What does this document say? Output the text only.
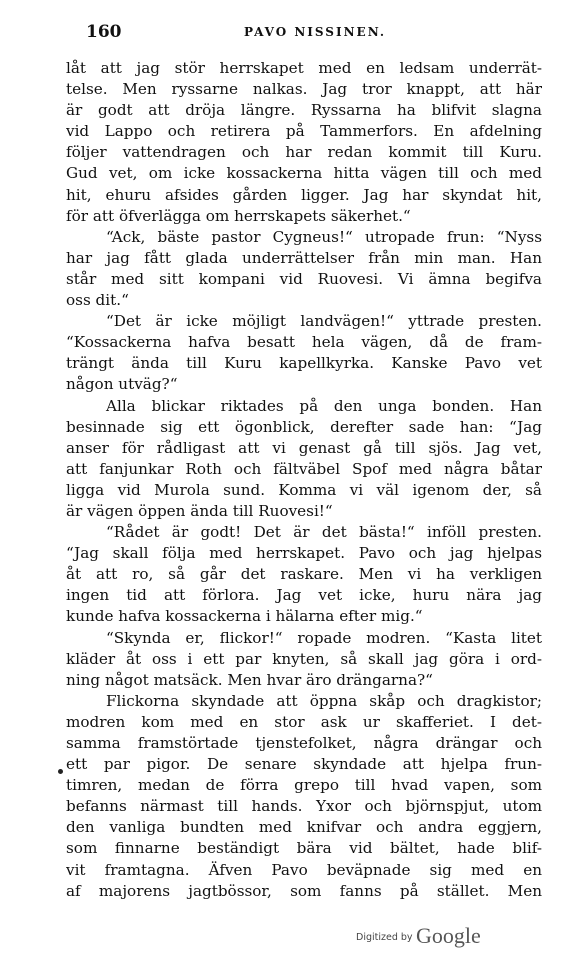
160	PAVO NISSINEN.
låt att jag stör herrskapet med en ledsam underrät-
telse. Men ryssarne nalkas. Jag tror knappt, att här
är godt att dröja längre. Ryssarna ha blifvit slagna
vid Lappo och retirera på Tammerfors. En afdelning
följer vattendragen och har redan kommit till Kuru.
Gud vet, om icke kossackerna hitta vägen till och med
hit, ehuru afsides gården ligger. Jag har skyndat hit,
för att öfverlägga om herrskapets säkerhet.“
“Ack, bäste pastor Cygneus!“ utropade frun: “Nyss
har jag fått glada underrättelser från min man. Han
står med sitt kompani vid Ruovesi. Vi ämna begifva
oss dit.“
“Det är icke möjligt landvägen!“ yttrade presten.
“Kossackerna hafva besatt hela vägen, då de fram-
trängt ända till Kuru kapellkyrka. Kanske Pavo vet
någon utväg?“
Alla blickar riktades på den unga bonden. Han
besinnade sig ett ögonblick, derefter sade han: “Jag
anser för rådligast att vi genast gå till sjös. Jag vet,
att fanjunkar Roth och fältväbel Spof med några båtar
ligga vid Murola sund. Komma vi väl igenom der, så
är vägen öppen ända till Ruovesi!“
“Rådet är godt! Det är det bästa!“ inföll presten.
“Jag skall följa med herrskapet. Pavo och jag hjelpas
åt att ro, så går det raskare. Men vi ha verkligen
ingen tid att förlora. Jag vet icke, huru nära jag
kunde hafva kossackerna i hälarna efter mig.“
“Skynda er, flickor!“ ropade modren. “Kasta litet
kläder åt oss i ett par knyten, så skall jag göra i ord-
ning något matsäck. Men hvar äro drängarna?“
Flickorna skyndade att öppna skåp och dragkistor;
modren kom med en stor ask ur skafferiet. I det-
samma framstörtade tjenstefolket, några drängar och
ett par pigor. De senare skyndade att hjelpa frun-
timren, medan de förra grepo till hvad vapen, som
befanns närmast till hands. Yxor och björnspjut, utom
den vanliga bundten med knifvar och andra eggjern,
som finnarne beständigt bära vid bältet, hade blif-
vit framtagna. Äfven Pavo beväpnade sig med en
af majorens jagtbössor, som fanns på stället. Men
Digitized by Google
